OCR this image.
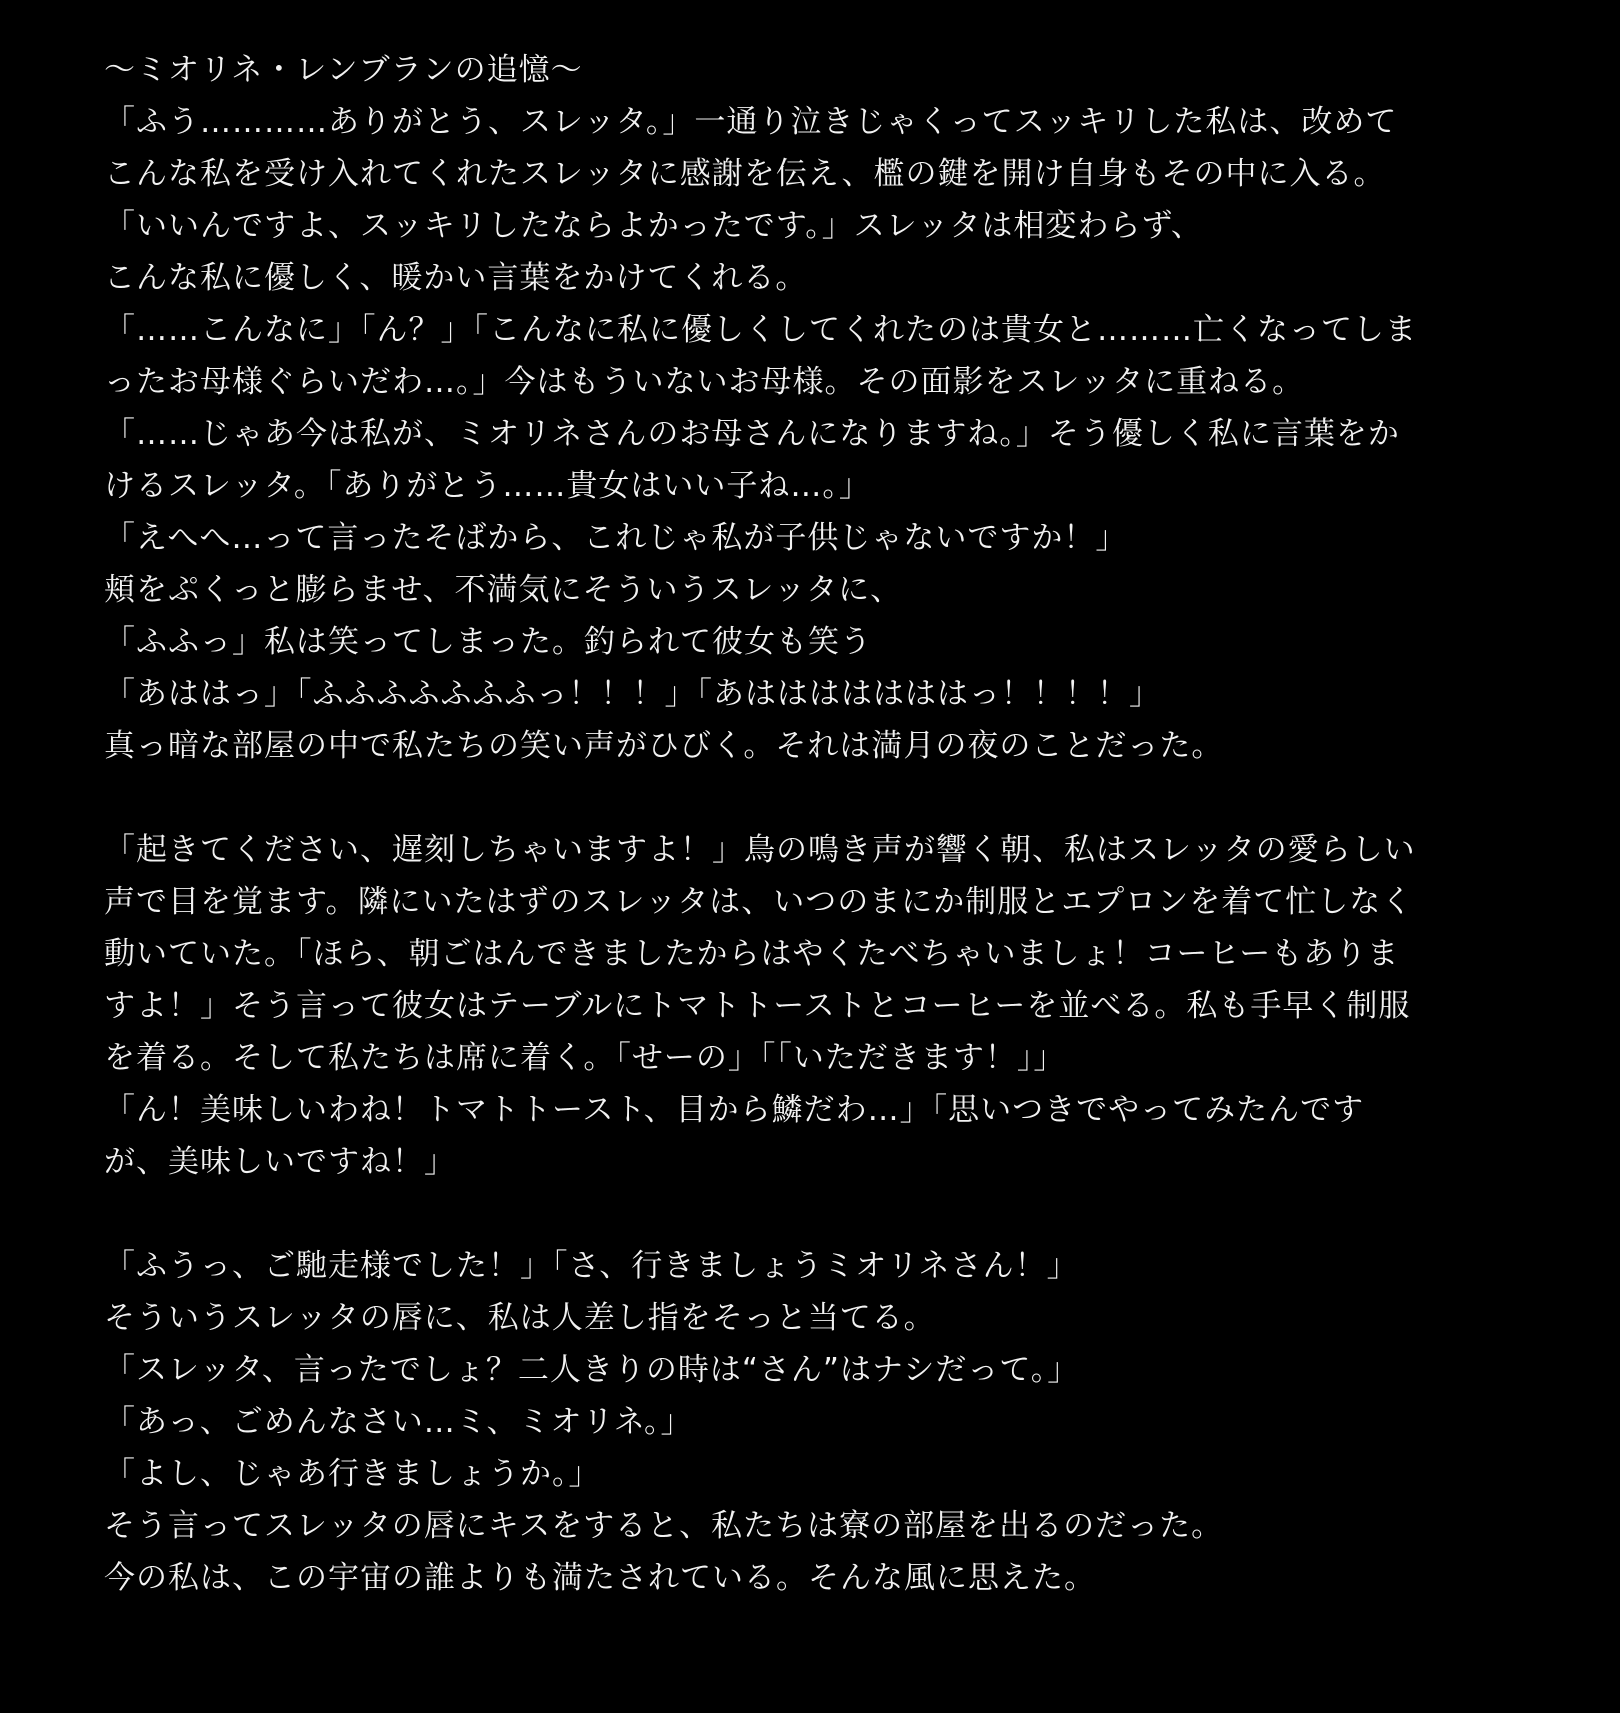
〜ミオリネ・レンブランの追憶〜
「ふう…………ありがとう、スレッタ。」一通り泣きじゃくってスッキリした私は、改めて
こんな私を受け入れてくれたスレッタに感謝を伝え、檻の鍵を開け自身もその中に入る。
「いいんですよ、スッキリしたならよかったです。」スレッタは相変わらず、
こんな私に優しく、暖かい言葉をかけてくれる。
「……こんなに」「ん？」「こんなに私に優しくしてくれたのは貴女と………亡くなってしま
ったお母様ぐらいだわ…。」今はもういないお母様。その面影をスレッタに重ねる。
「……じゃあ今は私が、ミオリネさんのお母さんになりますね。」そう優しく私に言葉をか
けるスレッタ。「ありがとう……貴女はいい子ね…。」
「えへへ…って言ったそばから、これじゃ私が子供じゃないですか！」
頬をぷくっと膨らませ、不満気にそういうスレッタに、
「ふふっ」私は笑ってしまった。釣られて彼女も笑う
「あははっ」「ふふふふふふふっ！！！」「あはははははははっ！！！！」
真っ暗な部屋の中で私たちの笑い声がひびく。それは満月の夜のことだった。
「起きてください、遅刻しちゃいますよ！」鳥の鳴き声が響く朝、私はスレッタの愛らしい
声で目を覚ます。隣にいたはずのスレッタは、いつのまにか制服とエプロンを着て忙しなく
動いていた。「ほら、朝ごはんできましたからはやくたべちゃいましょ！コーヒーもありま
すよ！」そう言って彼女はテーブルにトマトトーストとコーヒーを並べる。私も手早く制服
を着る。そして私たちは席に着く。「せーの」「「いただきます！」」
「ん！美味しいわね！トマトトースト、目から鱗だわ…」「思いつきでやってみたんです
が、美味しいですね！」
「ふうっ、ご馳走様でした！」「さ、行きましょうミオリネさん！」
そういうスレッタの唇に、私は人差し指をそっと当てる。
「スレッタ、言ったでしょ？二人きりの時は“さん”はナシだって。」
「あっ、ごめんなさい…ミ、ミオリネ。」
「よし、じゃあ行きましょうか。」
そう言ってスレッタの唇にキスをすると、私たちは寮の部屋を出るのだった。
今の私は、この宇宙の誰よりも満たされている。そんな風に思えた。
